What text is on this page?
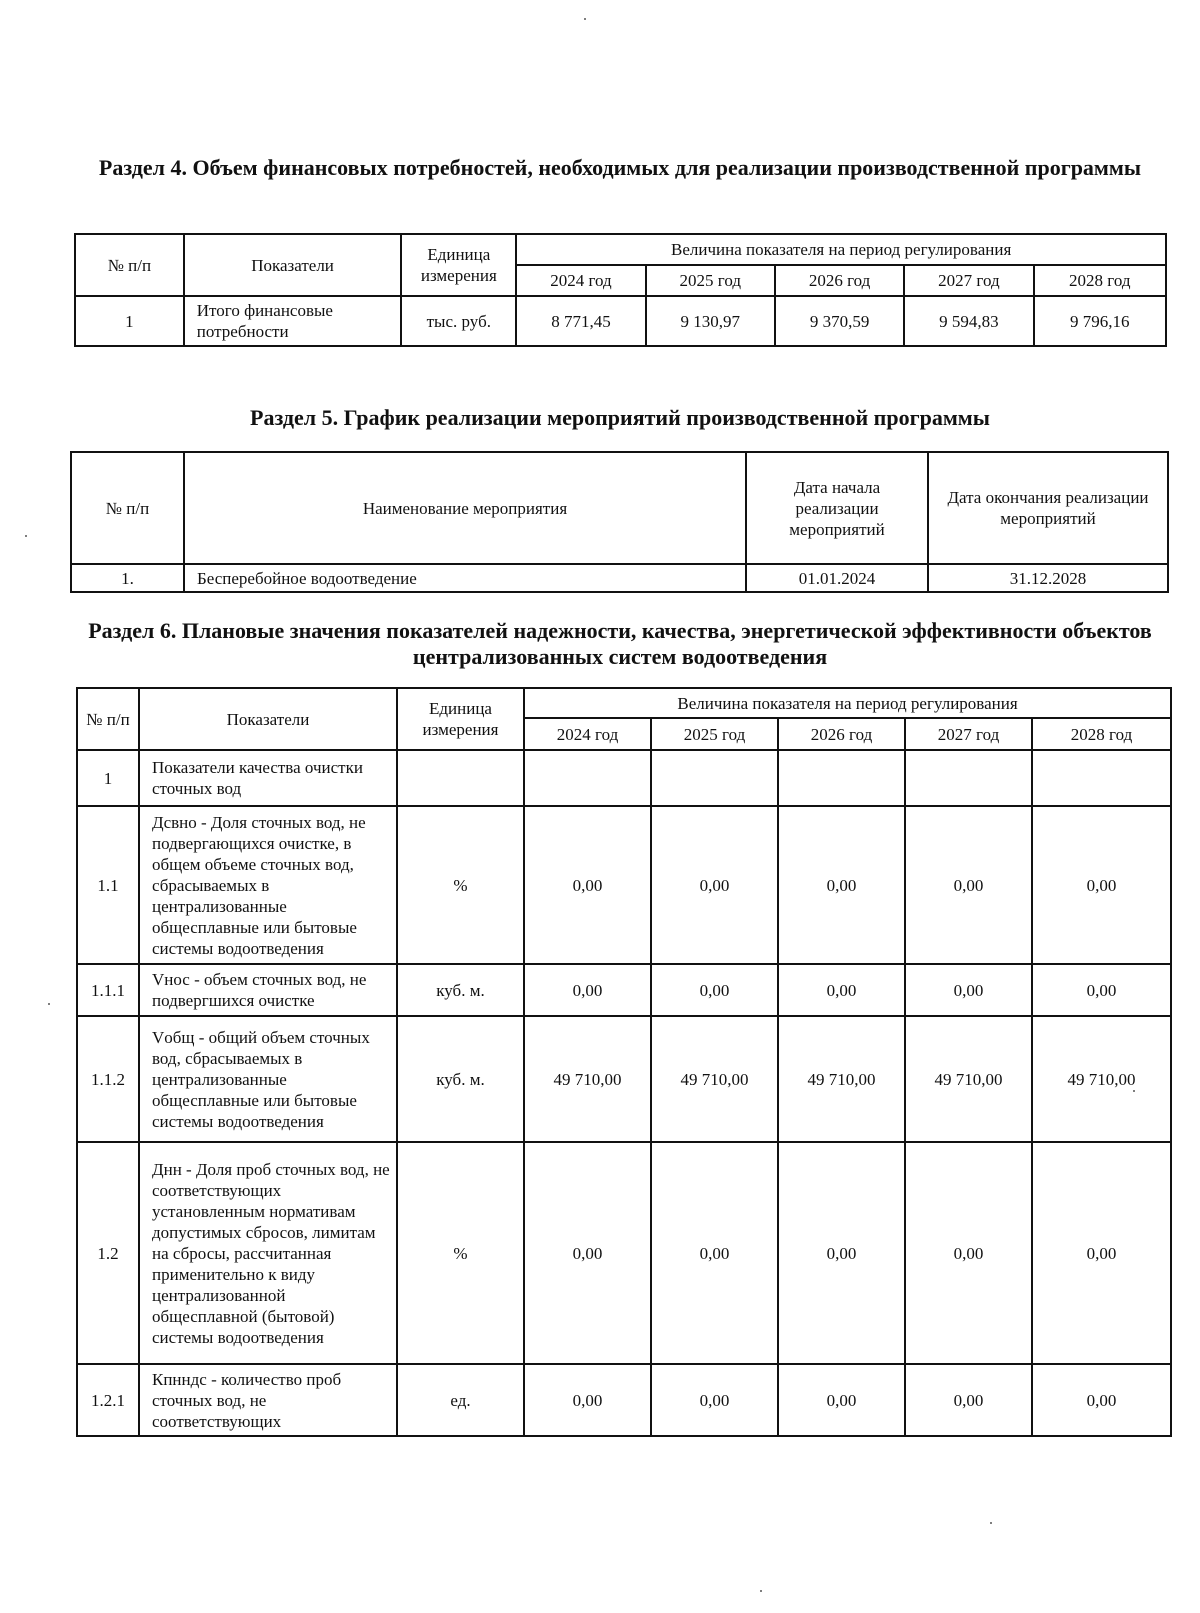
Раздел 4. Объем финансовых потребностей, необходимых для реализации производственной программы
№ п/п	Показатели	Единица измерения	Величина показателя на период регулирования				
			2024 год	2025 год	2026 год	2027 год	2028 год
1	Итого финансовые потребности	тыс. руб.	8 771,45	9 130,97	9 370,59	9 594,83	9 796,16
Раздел 5. График реализации мероприятий производственной программы
№ п/п	Наименование мероприятия	Дата начала реализации мероприятий	Дата окончания реализации мероприятий
1.	Бесперебойное водоотведение	01.01.2024	31.12.2028
Раздел 6. Плановые значения показателей надежности, качества, энергетической эффективности объектов централизованных систем водоотведения
№ п/п	Показатели	Единица измерения	Величина показателя на период регулирования				
			2024 год	2025 год	2026 год	2027 год	2028 год
1	Показатели качества очистки сточных вод						
1.1	Дсвно - Доля сточных вод, не подвергающихся очистке, в общем объеме сточных вод, сбрасываемых в централизованные общесплавные или бытовые системы водоотведения	%	0,00	0,00	0,00	0,00	0,00
1.1.1	Vнос - объем сточных вод, не подвергшихся очистке	куб. м.	0,00	0,00	0,00	0,00	0,00
1.1.2	Vобщ - общий объем сточных вод, сбрасываемых в централизованные общесплавные или бытовые системы водоотведения	куб. м.	49 710,00	49 710,00	49 710,00	49 710,00	49 710,00
1.2	Днн - Доля проб сточных вод, не соответствующих установленным нормативам допустимых сбросов, лимитам на сбросы, рассчитанная применительно к виду централизованной общесплавной (бытовой) системы водоотведения	%	0,00	0,00	0,00	0,00	0,00
1.2.1	Кпнндс - количество проб сточных вод, не соответствующих	ед.	0,00	0,00	0,00	0,00	0,00
